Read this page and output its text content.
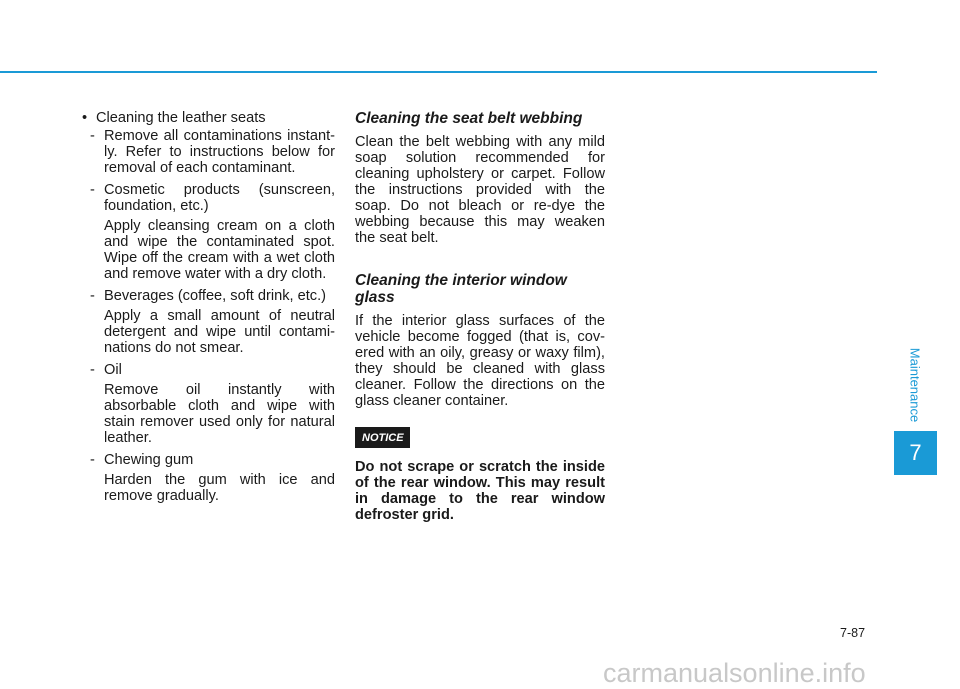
• Cleaning the leather seats
- Remove all contaminations instantly. Refer to instructions below for removal of each contaminant.
- Cosmetic products (sunscreen, foundation, etc.)
Apply cleansing cream on a cloth and wipe the contaminated spot. Wipe off the cream with a wet cloth and remove water with a dry cloth.
- Beverages (coffee, soft drink, etc.)
Apply a small amount of neutral detergent and wipe until contaminations do not smear.
- Oil
Remove oil instantly with absorbable cloth and wipe with stain remover used only for natural leather.
- Chewing gum
Harden the gum with ice and remove gradually.
Cleaning the seat belt webbing

Clean the belt webbing with any mild soap solution recommended for cleaning upholstery or carpet. Follow the instructions provided with the soap. Do not bleach or re-dye the webbing because this may weaken the seat belt.

Cleaning the interior window glass

If the interior glass surfaces of the vehicle become fogged (that is, covered with an oily, greasy or waxy film), they should be cleaned with glass cleaner. Follow the directions on the glass cleaner container.

NOTICE

Do not scrape or scratch the inside of the rear window. This may result in damage to the rear window defroster grid.

Maintenance
7
7-87
carmanualsonline.info
